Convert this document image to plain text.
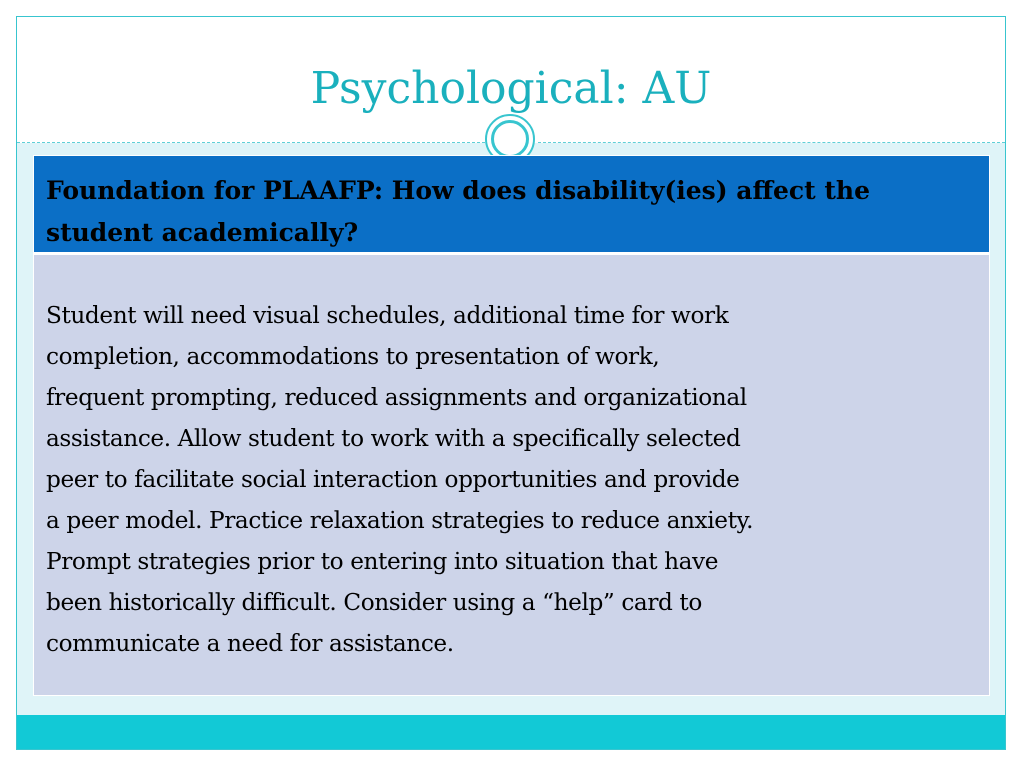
Psychological: AU

Foundation for PLAAFP: How does disability(ies) affect the student academically?

Student will need visual schedules, additional time for work
completion, accommodations to presentation of work,
frequent prompting, reduced assignments and organizational
assistance. Allow student to work with a specifically selected
peer to facilitate social interaction opportunities and provide
a peer model. Practice relaxation strategies to reduce anxiety.
Prompt strategies prior to entering into situation that have
been historically difficult. Consider using a “help” card to
communicate a need for assistance.
